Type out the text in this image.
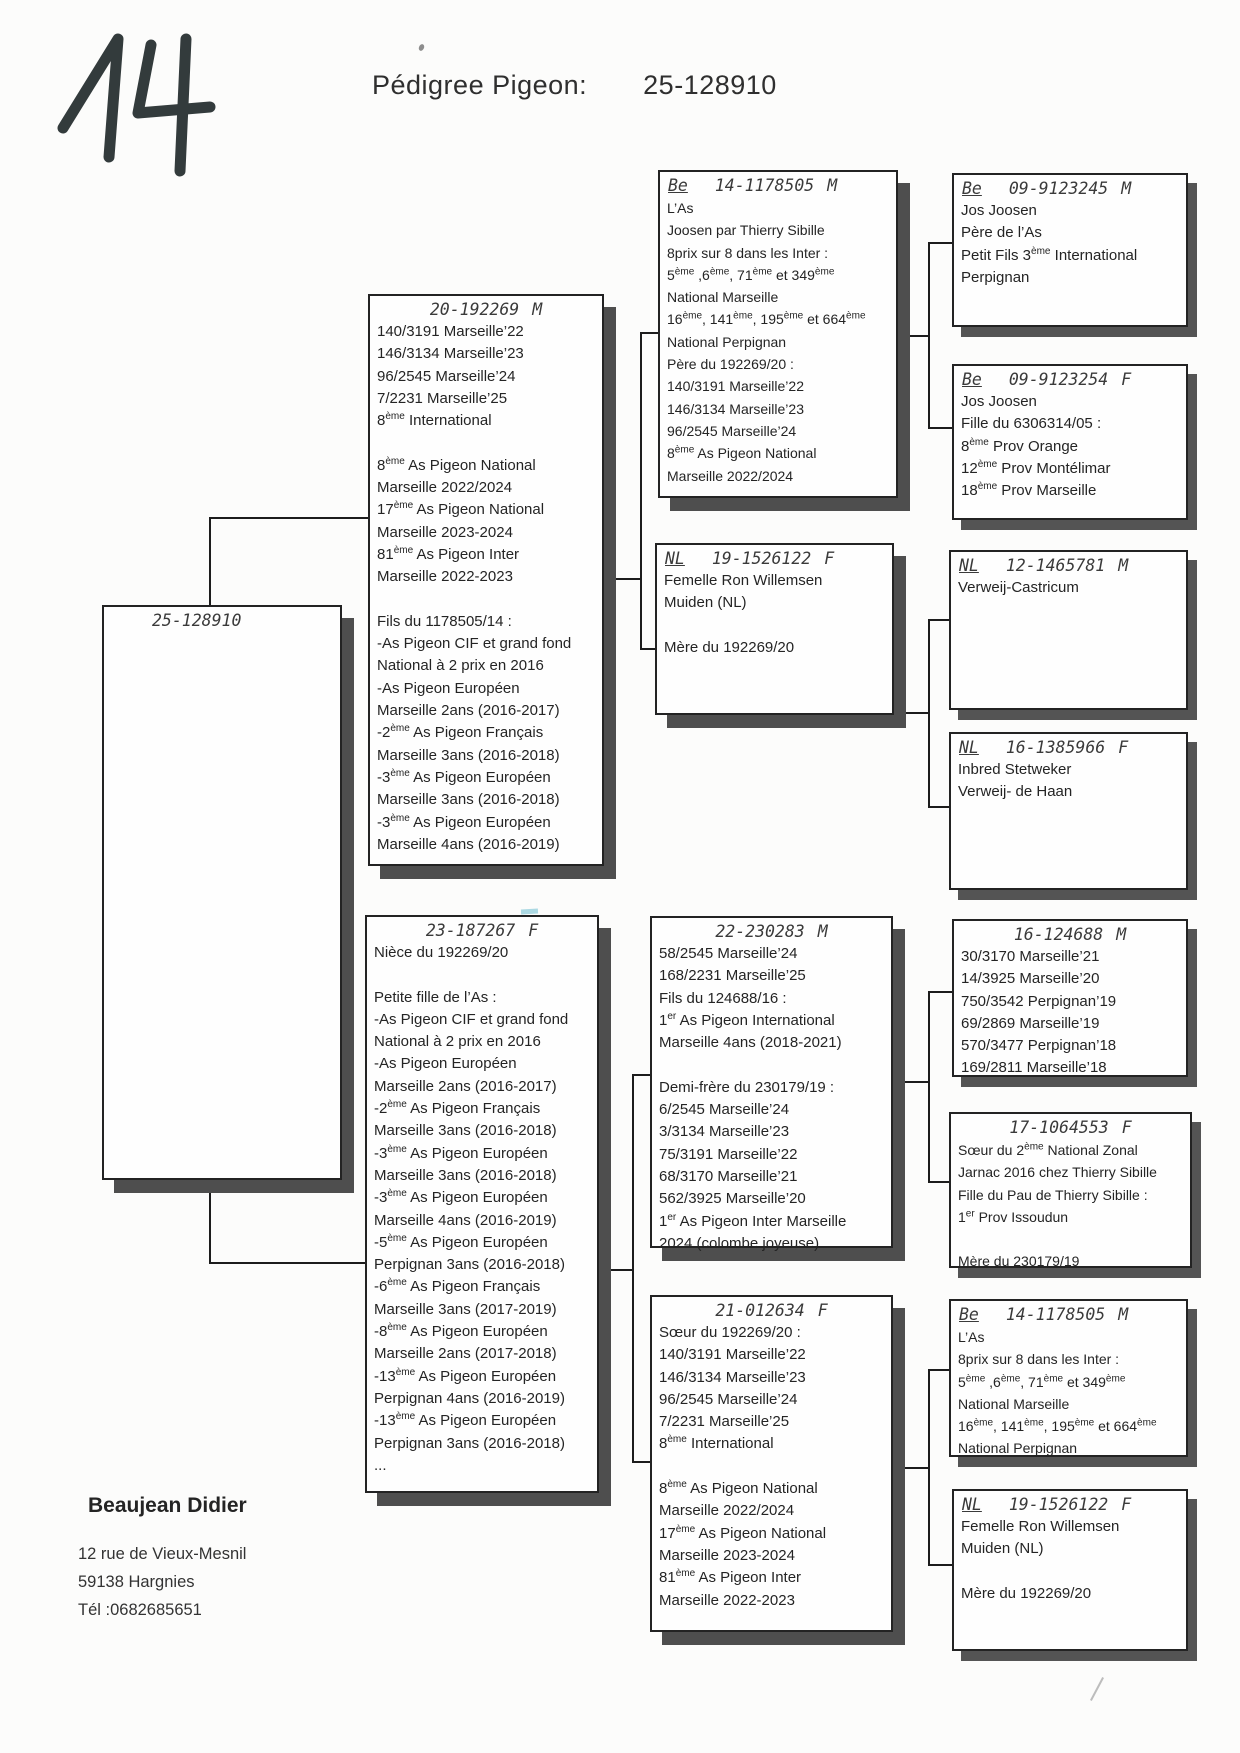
Pédigree Pigeon: 25-128910
25-128910
20-192269 M
140/3191 Marseille’22
146/3134 Marseille’23
96/2545 Marseille’24
7/2231 Marseille’25
8ème International

8ème As Pigeon National
Marseille 2022/2024
17ème As Pigeon National
Marseille 2023-2024
81ème As Pigeon Inter
Marseille 2022-2023

Fils du 1178505/14 :
-As Pigeon CIF et grand fond
National à 2 prix en 2016
-As Pigeon Européen
Marseille 2ans (2016-2017)
-2ème As Pigeon Français
Marseille 3ans (2016-2018)
-3ème As Pigeon Européen
Marseille 3ans (2016-2018)
-3ème As Pigeon Européen
Marseille 4ans (2016-2019)
23-187267 F
Nièce du 192269/20

Petite fille de l’As :
-As Pigeon CIF et grand fond
National à 2 prix en 2016
-As Pigeon Européen
Marseille 2ans (2016-2017)
-2ème As Pigeon Français
Marseille 3ans (2016-2018)
-3ème As Pigeon Européen
Marseille 3ans (2016-2018)
-3ème As Pigeon Européen
Marseille 4ans (2016-2019)
-5ème As Pigeon Européen
Perpignan 3ans (2016-2018)
-6ème As Pigeon Français
Marseille 3ans (2017-2019)
-8ème As Pigeon Européen
Marseille 2ans (2017-2018)
-13ème As Pigeon Européen
Perpignan 4ans (2016-2019)
-13ème As Pigeon Européen
Perpignan 3ans (2016-2018)
...
Be 14-1178505 M
L’As
Joosen par Thierry Sibille
8prix sur 8 dans les Inter :
5ème ,6ème, 71ème et 349ème
National Marseille
16ème, 141ème, 195ème et 664ème
National Perpignan
Père du 192269/20 :
140/3191 Marseille’22
146/3134 Marseille’23
96/2545 Marseille’24
8ème As Pigeon National
Marseille 2022/2024
NL 19-1526122 F
Femelle Ron Willemsen
Muiden (NL)

Mère du 192269/20
22-230283 M
58/2545 Marseille’24
168/2231 Marseille’25
Fils du 124688/16 :
1er As Pigeon International
Marseille 4ans (2018-2021)

Demi-frère du 230179/19 :
6/2545 Marseille’24
3/3134 Marseille’23
75/3191 Marseille’22
68/3170 Marseille’21
562/3925 Marseille’20
1er As Pigeon Inter Marseille
2024 (colombe joyeuse)
21-012634 F
Sœur du 192269/20 :
140/3191 Marseille’22
146/3134 Marseille’23
96/2545 Marseille’24
7/2231 Marseille’25
8ème International

8ème As Pigeon National
Marseille 2022/2024
17ème As Pigeon National
Marseille 2023-2024
81ème As Pigeon Inter
Marseille 2022-2023
Be 09-9123245 M
Jos Joosen
Père de l’As
Petit Fils 3ème International
Perpignan
Be 09-9123254 F
Jos Joosen
Fille du 6306314/05 :
8ème Prov Orange
12ème Prov Montélimar
18ème Prov Marseille
NL 12-1465781 M
Verweij-Castricum
NL 16-1385966 F
Inbred Stetweker
Verweij- de Haan
16-124688 M
30/3170 Marseille’21
14/3925 Marseille’20
750/3542 Perpignan’19
69/2869 Marseille’19
570/3477 Perpignan’18
169/2811 Marseille’18
17-1064553 F
Sœur du 2ème National Zonal
Jarnac 2016 chez Thierry Sibille
Fille du Pau de Thierry Sibille :
1er Prov Issoudun

Mère du 230179/19
Be 14-1178505 M
L’As
8prix sur 8 dans les Inter :
5ème ,6ème, 71ème et 349ème
National Marseille
16ème, 141ème, 195ème et 664ème
National Perpignan
NL 19-1526122 F
Femelle Ron Willemsen
Muiden (NL)

Mère du 192269/20
Beaujean Didier
12 rue de Vieux-Mesnil
59138 Hargnies
Tél :0682685651
